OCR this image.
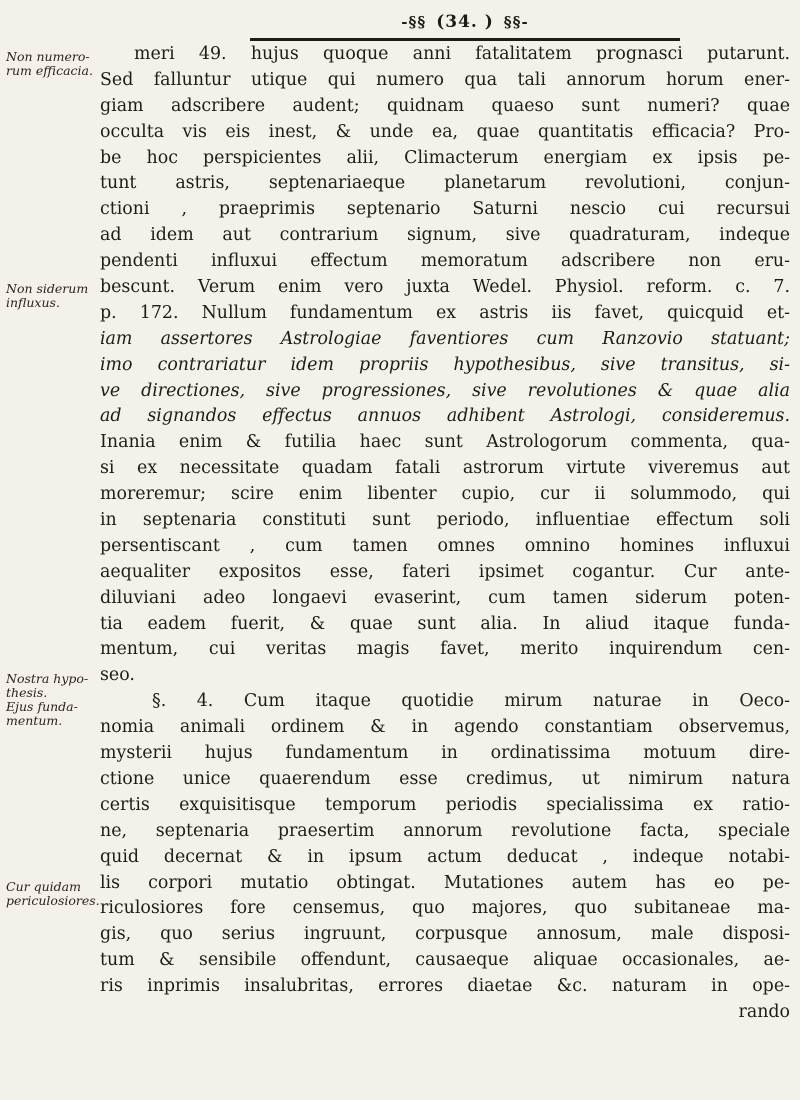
-§§ (34. ) §§-
Non numero-
rum efficacia.
Non siderum
influxus.
Nostra hypo-
thesis.
Ejus funda-
mentum.
Cur quidam
periculosiores.
meri 49. hujus quoque anni fatalitatem prognasci putarunt.
Sed falluntur utique qui numero qua tali annorum horum ener-
giam adscribere audent; quidnam quaeso sunt numeri? quae
occulta vis eis inest, & unde ea, quae quantitatis efficacia? Pro-
be hoc perspicientes alii, Climacterum energiam ex ipsis pe-
tunt astris, septenariaeque planetarum revolutioni, conjun-
ctioni , praeprimis septenario Saturni nescio cui recursui
ad idem aut contrarium signum, sive quadraturam, indeque
pendenti influxui effectum memoratum adscribere non eru-
bescunt. Verum enim vero juxta Wedel. Physiol. reform. c. 7.
p. 172. Nullum fundamentum ex astris iis favet, quicquid et-
iam assertores Astrologiae faventiores cum Ranzovio statuant;
imo contrariatur idem propriis hypothesibus, sive transitus, si-
ve directiones, sive progressiones, sive revolutiones & quae alia
ad signandos effectus annuos adhibent Astrologi, consideremus.
Inania enim & futilia haec sunt Astrologorum commenta, qua-
si ex necessitate quadam fatali astrorum virtute viveremus aut
moreremur; scire enim libenter cupio, cur ii solummodo, qui
in septenaria constituti sunt periodo, influentiae effectum soli
persentiscant , cum tamen omnes omnino homines influxui
aequaliter expositos esse, fateri ipsimet cogantur. Cur ante-
diluviani adeo longaevi evaserint, cum tamen siderum poten-
tia eadem fuerit, & quae sunt alia. In aliud itaque funda-
mentum, cui veritas magis favet, merito inquirendum cen-
seo.
§. 4. Cum itaque quotidie mirum naturae in Oeco-
nomia animali ordinem & in agendo constantiam observemus,
mysterii hujus fundamentum in ordinatissima motuum dire-
ctione unice quaerendum esse credimus, ut nimirum natura
certis exquisitisque temporum periodis specialissima ex ratio-
ne, septenaria praesertim annorum revolutione facta, speciale
quid decernat & in ipsum actum deducat , indeque notabi-
lis corpori mutatio obtingat. Mutationes autem has eo pe-
riculosiores fore censemus, quo majores, quo subitaneae ma-
gis, quo serius ingruunt, corpusque annosum, male disposi-
tum & sensibile offendunt, causaeque aliquae occasionales, ae-
ris inprimis insalubritas, errores diaetae &c. naturam in ope-
rando
